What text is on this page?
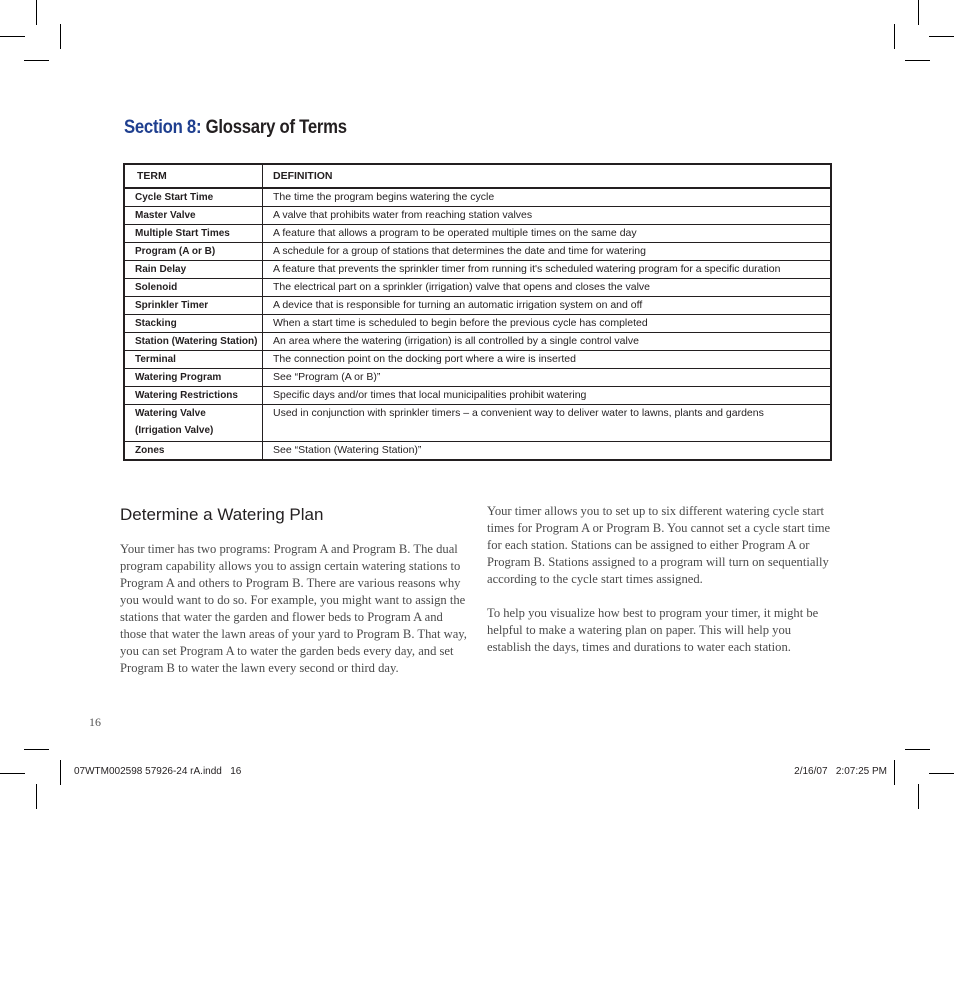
Section 8: Glossary of Terms
TERM	DEFINITION
Cycle Start Time	The time the program begins watering the cycle
Master Valve	A valve that prohibits water from reaching station valves
Multiple Start Times	A feature that allows a program to be operated multiple times on the same day
Program (A or B)	A schedule for a group of stations that determines the date and time for watering
Rain Delay	A feature that prevents the sprinkler timer from running it's scheduled watering program for a specific duration
Solenoid	The electrical part on a sprinkler (irrigation) valve that opens and closes the valve
Sprinkler Timer	A device that is responsible for turning an automatic irrigation system on and off
Stacking	When a start time is scheduled to begin before the previous cycle has completed
Station (Watering Station)	An area where the watering (irrigation) is all controlled by a single control valve
Terminal	The connection point on the docking port where a wire is inserted
Watering Program	See “Program (A or B)”
Watering Restrictions	Specific days and/or times that local municipalities prohibit watering

Watering Valve
(Irrigation Valve)	Used in conjunction with sprinkler timers – a convenient way to deliver water to lawns, plants and gardens
Zones	See “Station (Watering Station)”
Determine a Watering Plan

Your timer has two programs: Program A and Program B. The dual program capability allows you to assign certain watering stations to Program A and others to Program B. There are various reasons why you would want to do so. For example, you might want to assign the stations that water the garden and flower beds to Program A and those that water the lawn areas of your yard to Program B. That way, you can set Program A to water the garden beds every day, and set Program B to water the lawn every second or third day.

Your timer allows you to set up to six different watering cycle start times for Program A or Program B. You cannot set a cycle start time for each station. Stations can be assigned to either Program A or Program B. Stations assigned to a program will turn on sequentially according to the cycle start times assigned.

To help you visualize how best to program your timer, it might be helpful to make a watering plan on paper. This will help you establish the days, times and durations to water each station.

16
07WTM002598 57926-24 rA.indd   16	2/16/07   2:07:25 PM
